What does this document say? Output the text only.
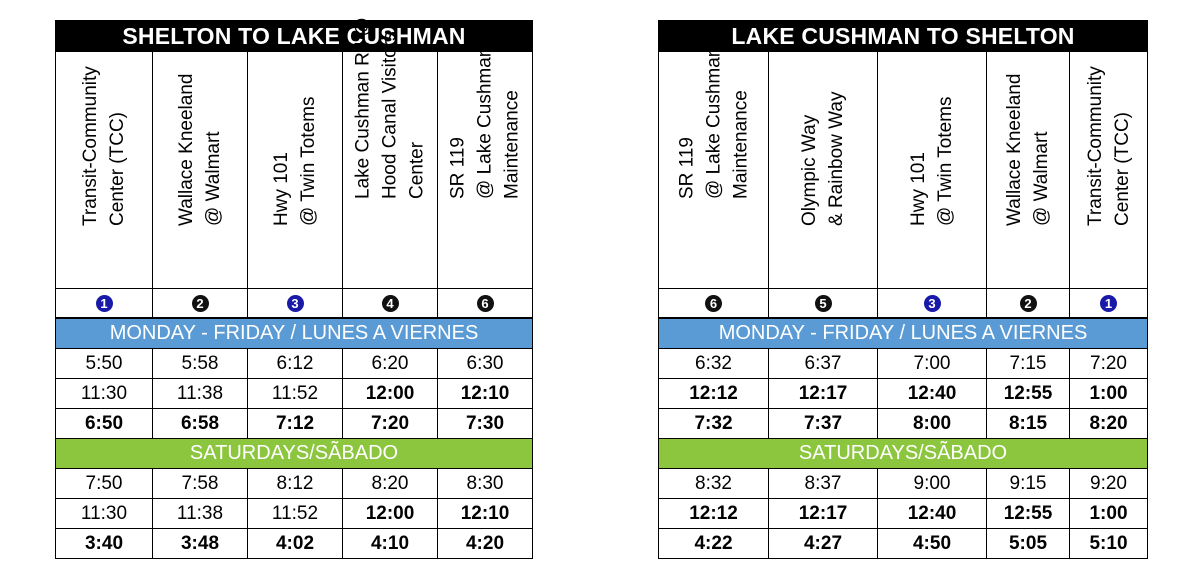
SHELTON TO LAKE CUSHMAN				

Transit-Community Center (TCC)	Wallace Kneeland @ Walmart	Hwy 101 @ Twin Totems	Lake Cushman Rd @ Hood Canal Visitors Center	SR 119 @ Lake Cushman Maintenance

1	2	3	4	6
MONDAY - FRIDAY / LUNES A VIERNES				
5:50	5:58	6:12	6:20	6:30
11:30	11:38	11:52	12:00	12:10
6:50	6:58	7:12	7:20	7:30
SATURDAYS/SÃBADO				
7:50	7:58	8:12	8:20	8:30
11:30	11:38	11:52	12:00	12:10
3:40	3:48	4:02	4:10	4:20
LAKE CUSHMAN TO SHELTON				

SR 119 @ Lake Cushman Maintenance	Olympic Way & Rainbow Way	Hwy 101 @ Twin Totems	Wallace Kneeland @ Walmart	Transit-Community Center (TCC)

6	5	3	2	1
MONDAY - FRIDAY / LUNES A VIERNES				
6:32	6:37	7:00	7:15	7:20
12:12	12:17	12:40	12:55	1:00
7:32	7:37	8:00	8:15	8:20
SATURDAYS/SÃBADO				
8:32	8:37	9:00	9:15	9:20
12:12	12:17	12:40	12:55	1:00
4:22	4:27	4:50	5:05	5:10
